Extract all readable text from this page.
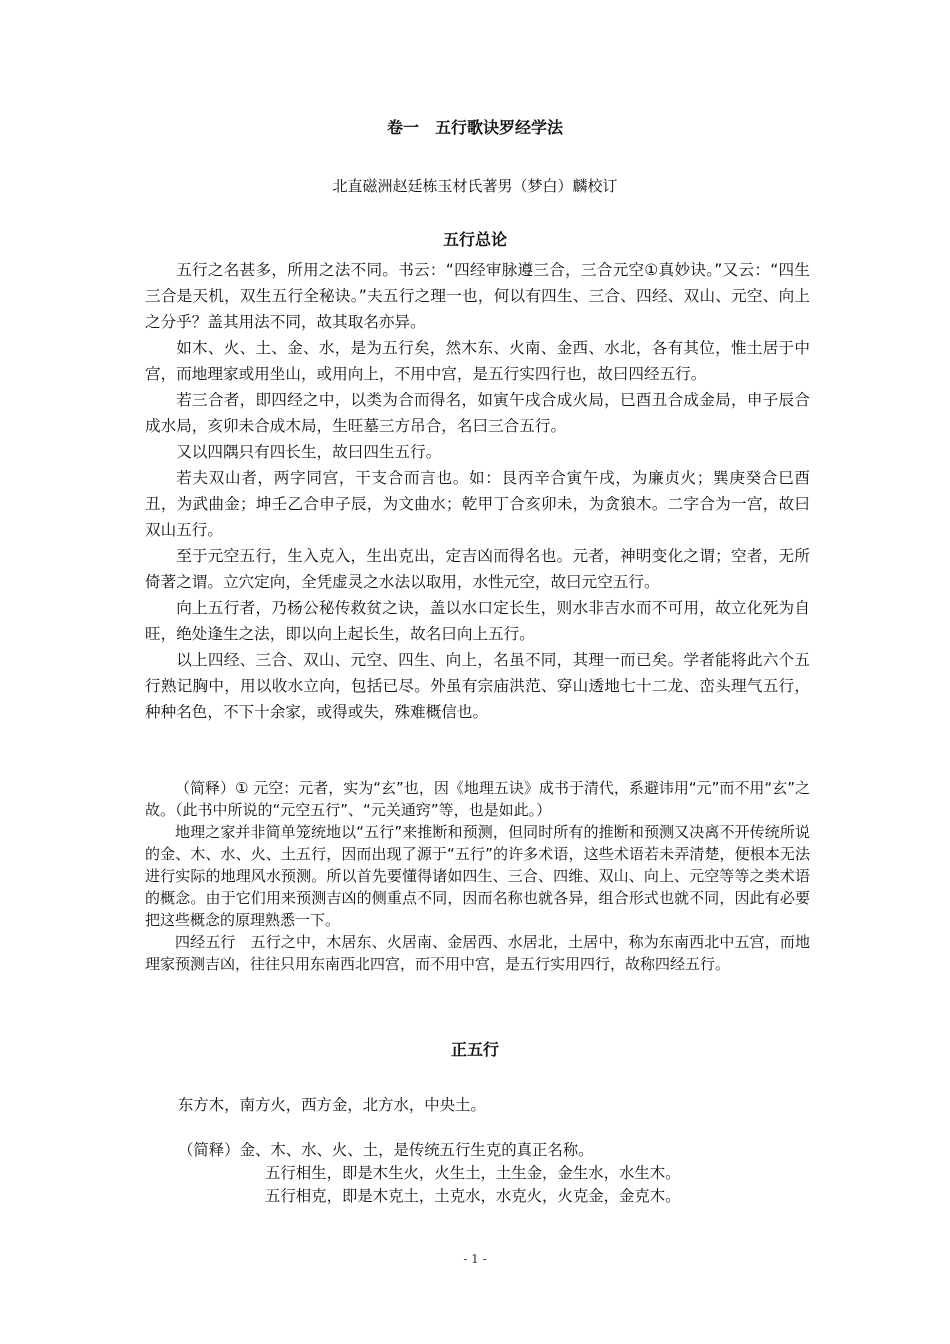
卷一　五行歌诀罗经学法
北直磁洲赵廷栋玉材氏著男（梦白）麟校订
五行总论

五行之名甚多，所用之法不同。书云：“四经审脉遵三合，三合元空①真妙诀。”又云：“四生三合是天机，双生五行全秘诀。”夫五行之理一也，何以有四生、三合、四经、双山、元空、向上之分乎？盖其用法不同，故其取名亦异。

如木、火、土、金、水，是为五行矣，然木东、火南、金西、水北，各有其位，惟土居于中宫，而地理家或用坐山，或用向上，不用中宫，是五行实四行也，故曰四经五行。

若三合者，即四经之中，以类为合而得名，如寅午戌合成火局，巳酉丑合成金局，申子辰合成水局，亥卯未合成木局，生旺墓三方吊合，名曰三合五行。

又以四隅只有四长生，故曰四生五行。

若夫双山者，两字同宫，干支合而言也。如：艮丙辛合寅午戌，为廉贞火；巽庚癸合巳酉丑，为武曲金；坤壬乙合申子辰，为文曲水；乾甲丁合亥卯未，为贪狼木。二字合为一宫，故曰双山五行。

至于元空五行，生入克入，生出克出，定吉凶而得名也。元者，神明变化之谓；空者，无所倚著之谓。立穴定向，全凭虚灵之水法以取用，水性元空，故曰元空五行。

向上五行者，乃杨公秘传救贫之诀，盖以水口定长生，则水非吉水而不可用，故立化死为自旺，绝处逢生之法，即以向上起长生，故名曰向上五行。

以上四经、三合、双山、元空、四生、向上，名虽不同，其理一而已矣。学者能将此六个五行熟记胸中，用以收水立向，包括已尽。外虽有宗庙洪范、穿山透地七十二龙、峦头理气五行，种种名色，不下十余家，或得或失，殊难概信也。

（简释）① 元空：元者，实为“玄”也，因《地理五诀》成书于清代，系避讳用“元”而不用“玄”之故。（此书中所说的“元空五行”、“元关通窍”等，也是如此。）

地理之家并非简单笼统地以“五行”来推断和预测，但同时所有的推断和预测又决离不开传统所说的金、木、水、火、土五行，因而出现了源于“五行”的许多术语，这些术语若未弄清楚，便根本无法进行实际的地理风水预测。所以首先要懂得诸如四生、三合、四维、双山、向上、元空等等之类术语的概念。由于它们用来预测吉凶的侧重点不同，因而名称也就各异，组合形式也就不同，因此有必要把这些概念的原理熟悉一下。

四经五行　五行之中，木居东、火居南、金居西、水居北，土居中，称为东南西北中五宫，而地理家预测吉凶，往往只用东南西北四宫，而不用中宫，是五行实用四行，故称四经五行。

正五行
东方木，南方火，西方金，北方水，中央土。
（简释）金、木、水、火、土，是传统五行生克的真正名称。
五行相生，即是木生火，火生土，土生金，金生水，水生木。
五行相克，即是木克土，土克水，水克火，火克金，金克木。
- 1 -
